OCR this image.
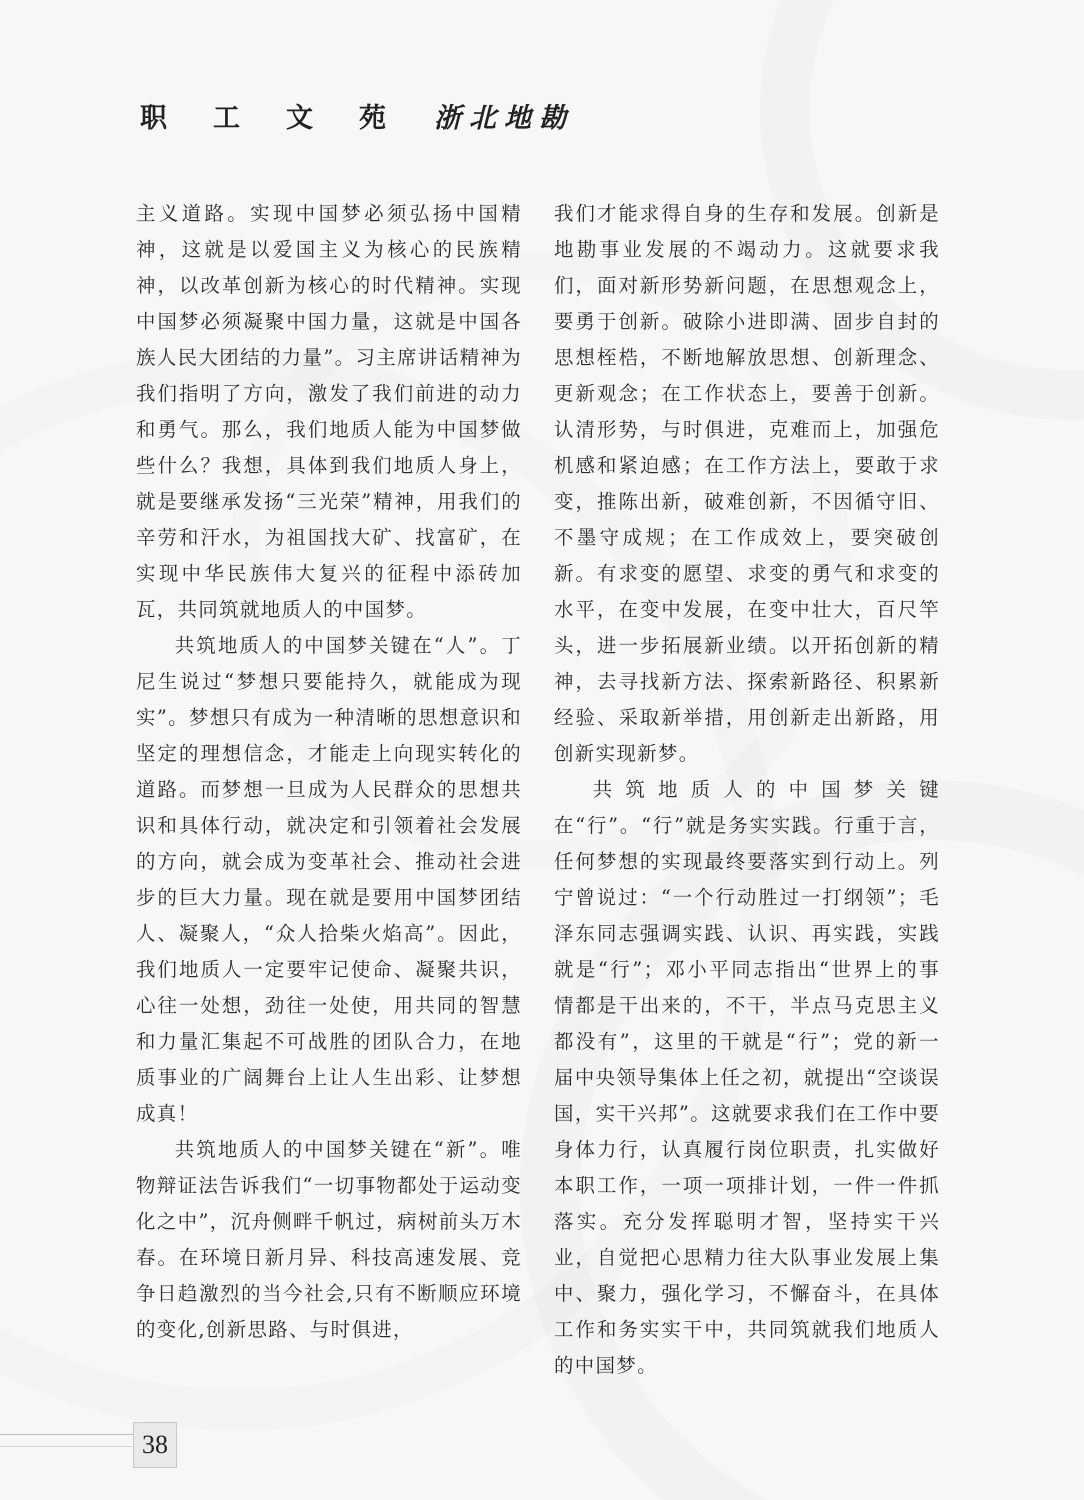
职工文苑 浙北地勘

主义道路。实现中国梦必须弘扬中国精神，这就是以爱国主义为核心的民族精神，以改革创新为核心的时代精神。实现中国梦必须凝聚中国力量，这就是中国各族人民大团结的力量”。习主席讲话精神为我们指明了方向，激发了我们前进的动力和勇气。那么，我们地质人能为中国梦做些什么？我想，具体到我们地质人身上，就是要继承发扬“三光荣”精神，用我们的辛劳和汗水，为祖国找大矿、找富矿，在实现中华民族伟大复兴的征程中添砖加瓦，共同筑就地质人的中国梦。

共筑地质人的中国梦关键在“人”。丁尼生说过“梦想只要能持久，就能成为现实”。梦想只有成为一种清晰的思想意识和坚定的理想信念，才能走上向现实转化的道路。而梦想一旦成为人民群众的思想共识和具体行动，就决定和引领着社会发展的方向，就会成为变革社会、推动社会进步的巨大力量。现在就是要用中国梦团结人、凝聚人，“众人拾柴火焰高”。因此，我们地质人一定要牢记使命、凝聚共识，心往一处想，劲往一处使，用共同的智慧和力量汇集起不可战胜的团队合力，在地质事业的广阔舞台上让人生出彩、让梦想成真！

共筑地质人的中国梦关键在“新”。唯物辩证法告诉我们“一切事物都处于运动变化之中”，沉舟侧畔千帆过，病树前头万木春。在环境日新月异、科技高速发展、竞争日趋激烈的当今社会,只有不断顺应环境的变化,创新思路、与时俱进，

我们才能求得自身的生存和发展。创新是地勘事业发展的不竭动力。这就要求我们，面对新形势新问题，在思想观念上，要勇于创新。破除小进即满、固步自封的思想桎梏，不断地解放思想、创新理念、更新观念；在工作状态上，要善于创新。认清形势，与时俱进，克难而上，加强危机感和紧迫感；在工作方法上，要敢于求变，推陈出新，破难创新，不因循守旧、不墨守成规；在工作成效上，要突破创新。有求变的愿望、求变的勇气和求变的水平，在变中发展，在变中壮大，百尺竿头，进一步拓展新业绩。以开拓创新的精神，去寻找新方法、探索新路径、积累新经验、采取新举措，用创新走出新路，用创新实现新梦。

共筑地质人的中国梦关键在“行”。“行”就是务实实践。行重于言，任何梦想的实现最终要落实到行动上。列宁曾说过：“一个行动胜过一打纲领”；毛泽东同志强调实践、认识、再实践，实践就是“行”；邓小平同志指出“世界上的事情都是干出来的，不干，半点马克思主义都没有”，这里的干就是“行”；党的新一届中央领导集体上任之初，就提出“空谈误国，实干兴邦”。这就要求我们在工作中要身体力行，认真履行岗位职责，扎实做好本职工作，一项一项排计划，一件一件抓落实。充分发挥聪明才智，坚持实干兴业，自觉把心思精力往大队事业发展上集中、聚力，强化学习，不懈奋斗，在具体工作和务实实干中，共同筑就我们地质人的中国梦。

38
